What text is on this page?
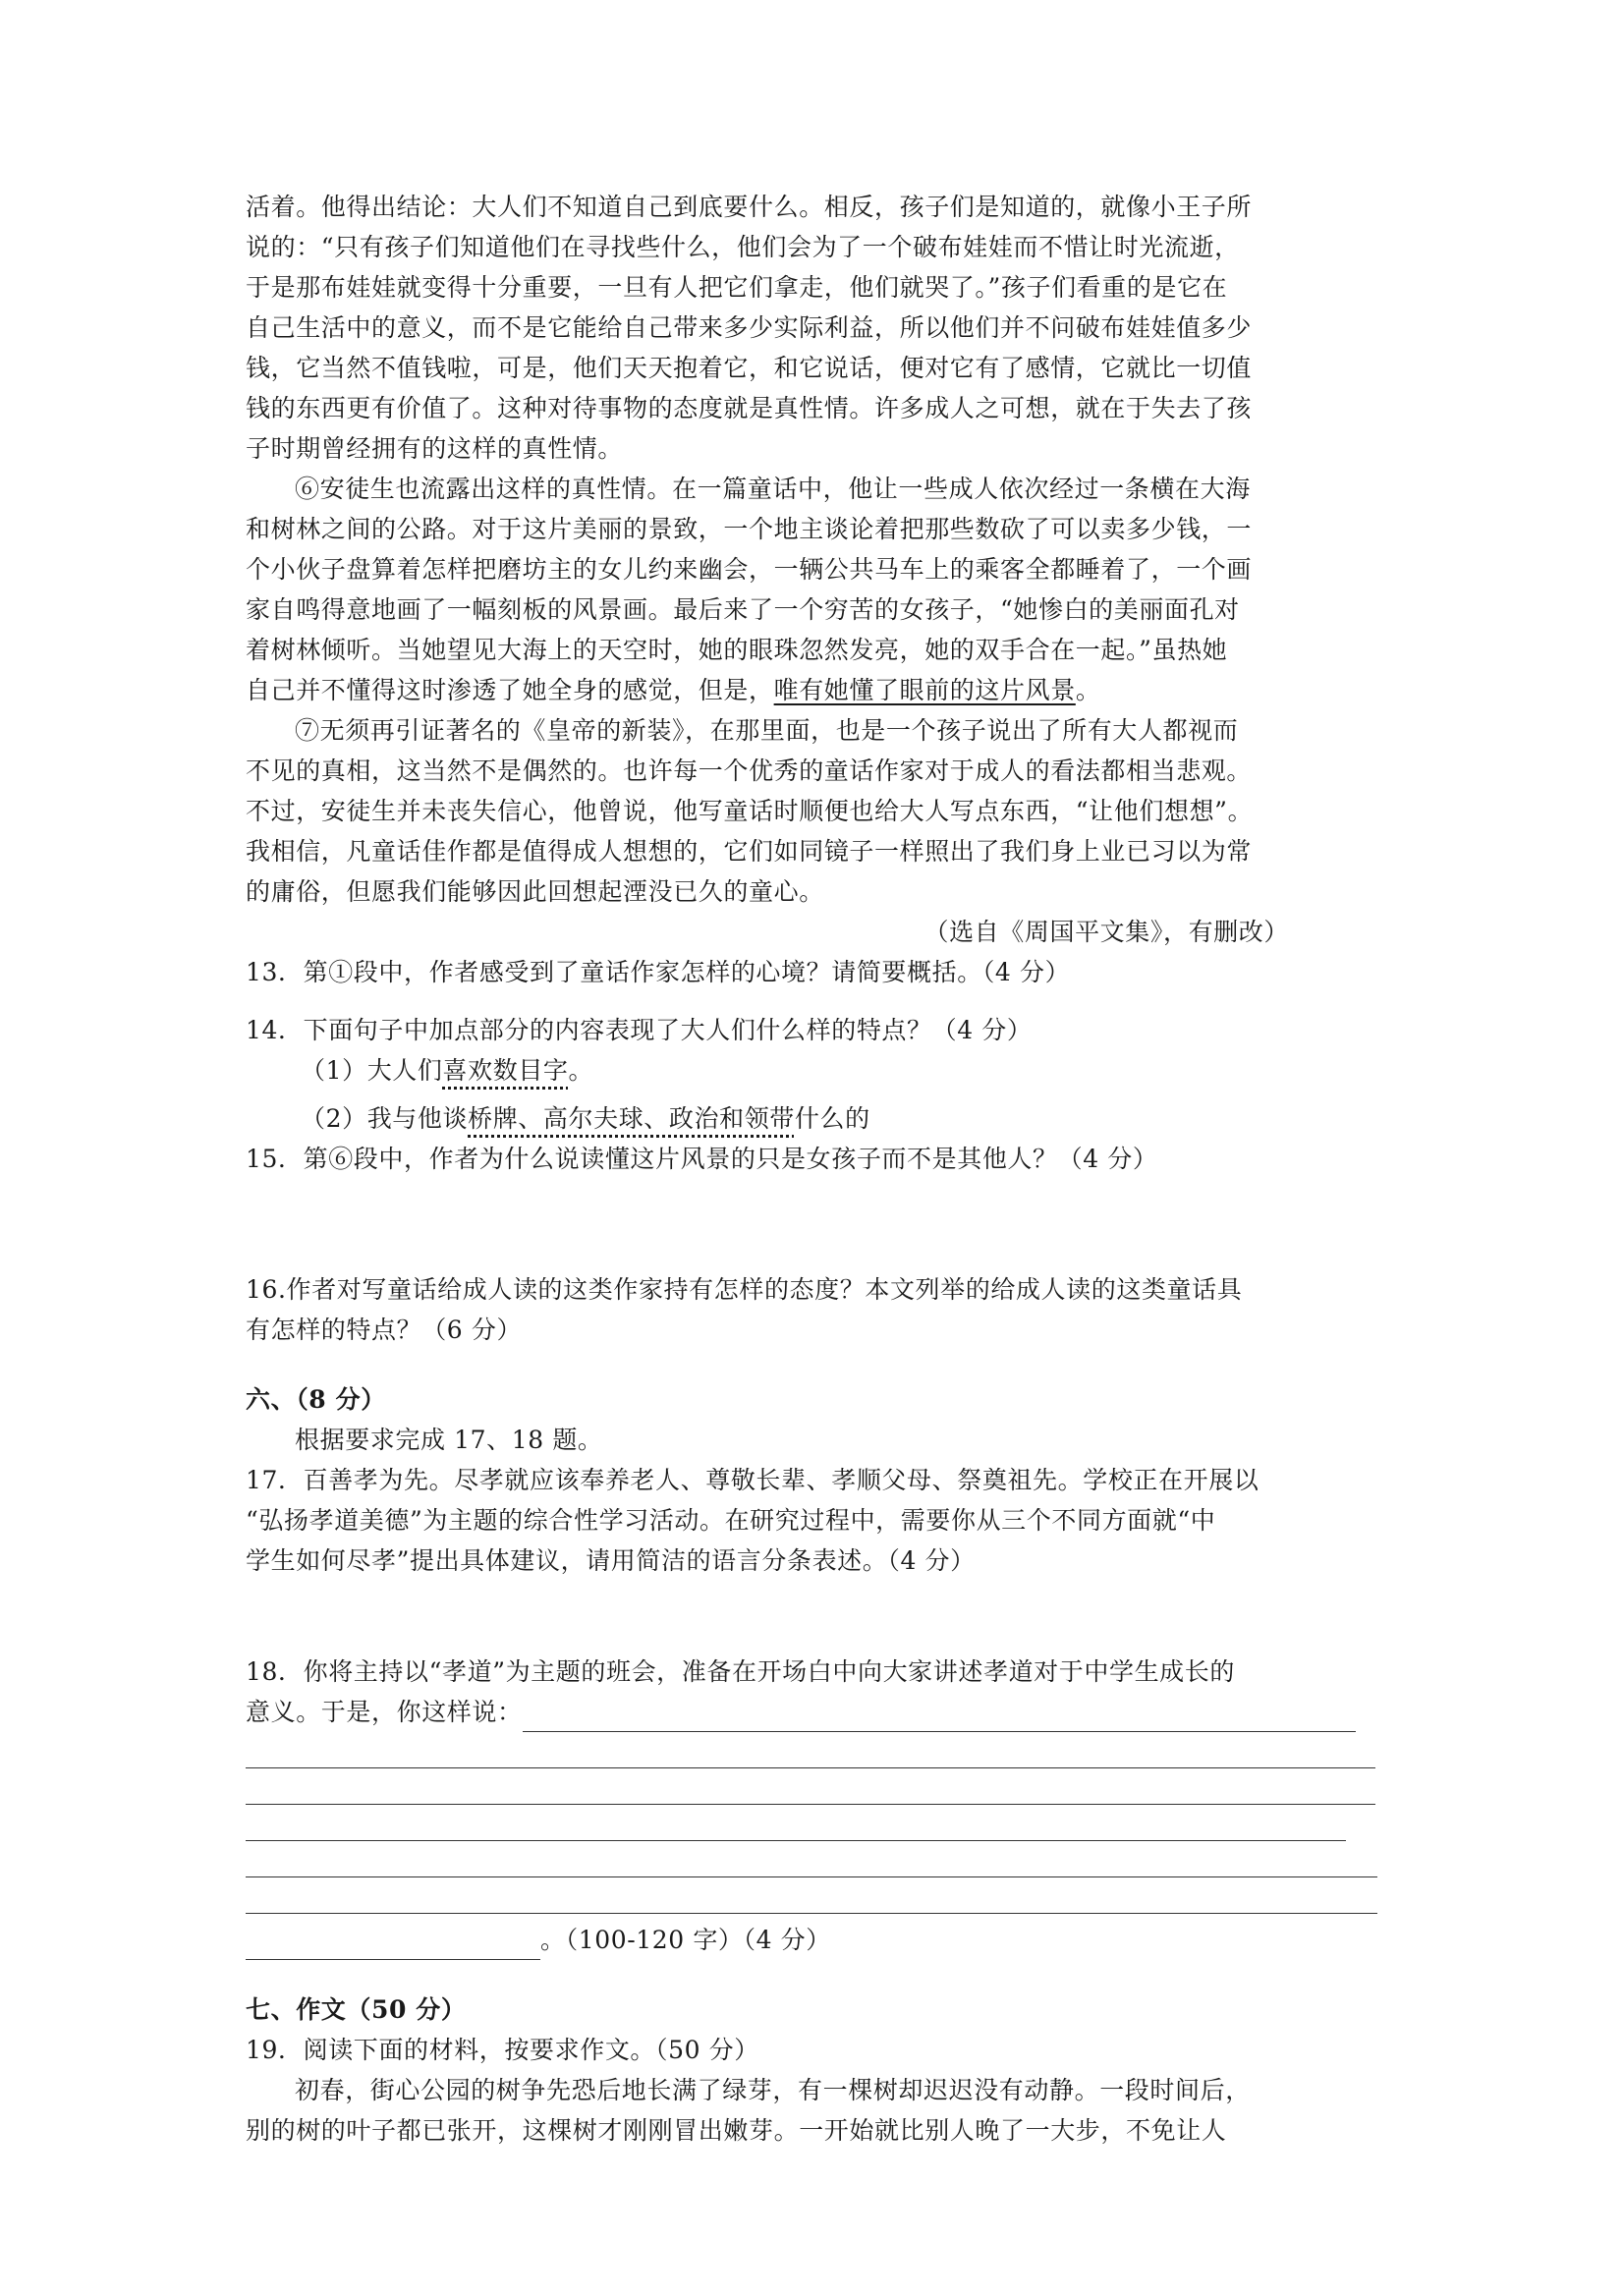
活着。他得出结论：大人们不知道自己到底要什么。相反，孩子们是知道的，就像小王子所
说的：“只有孩子们知道他们在寻找些什么，他们会为了一个破布娃娃而不惜让时光流逝，
于是那布娃娃就变得十分重要，一旦有人把它们拿走，他们就哭了。”孩子们看重的是它在
自己生活中的意义，而不是它能给自己带来多少实际利益，所以他们并不问破布娃娃值多少
钱，它当然不值钱啦，可是，他们天天抱着它，和它说话，便对它有了感情，它就比一切值
钱的东西更有价值了。这种对待事物的态度就是真性情。许多成人之可想，就在于失去了孩
子时期曾经拥有的这样的真性情。
⑥安徒生也流露出这样的真性情。在一篇童话中，他让一些成人依次经过一条横在大海
和树林之间的公路。对于这片美丽的景致，一个地主谈论着把那些数砍了可以卖多少钱，一
个小伙子盘算着怎样把磨坊主的女儿约来幽会，一辆公共马车上的乘客全都睡着了，一个画
家自鸣得意地画了一幅刻板的风景画。最后来了一个穷苦的女孩子，“她惨白的美丽面孔对
着树林倾听。当她望见大海上的天空时，她的眼珠忽然发亮，她的双手合在一起。”虽热她
自己并不懂得这时渗透了她全身的感觉，但是，唯有她懂了眼前的这片风景。
⑦无须再引证著名的《皇帝的新装》，在那里面，也是一个孩子说出了所有大人都视而
不见的真相，这当然不是偶然的。也许每一个优秀的童话作家对于成人的看法都相当悲观。
不过，安徒生并未丧失信心，他曾说，他写童话时顺便也给大人写点东西，“让他们想想”。
我相信，凡童话佳作都是值得成人想想的，它们如同镜子一样照出了我们身上业已习以为常
的庸俗，但愿我们能够因此回想起湮没已久的童心。
（选自《周国平文集》，有删改）
13．第①段中，作者感受到了童话作家怎样的心境？请简要概括。（4 分）
14．下面句子中加点部分的内容表现了大人们什么样的特点？（4 分）
（1）大人们喜欢数目字。
（2）我与他谈桥牌、高尔夫球、政治和领带什么的
15．第⑥段中，作者为什么说读懂这片风景的只是女孩子而不是其他人？（4 分）
16.作者对写童话给成人读的这类作家持有怎样的态度？本文列举的给成人读的这类童话具
有怎样的特点？（6 分）
六、（8 分）
根据要求完成 17、18 题。
17．百善孝为先。尽孝就应该奉养老人、尊敬长辈、孝顺父母、祭奠祖先。学校正在开展以
“弘扬孝道美德”为主题的综合性学习活动。在研究过程中，需要你从三个不同方面就“中
学生如何尽孝”提出具体建议，请用简洁的语言分条表述。（4 分）
18．你将主持以“孝道”为主题的班会，准备在开场白中向大家讲述孝道对于中学生成长的
意义。于是，你这样说：
。（100-120 字）（4 分）
七、作文（50 分）
19．阅读下面的材料，按要求作文。（50 分）
初春，街心公园的树争先恐后地长满了绿芽，有一棵树却迟迟没有动静。一段时间后，
别的树的叶子都已张开，这棵树才刚刚冒出嫩芽。一开始就比别人晚了一大步，不免让人
